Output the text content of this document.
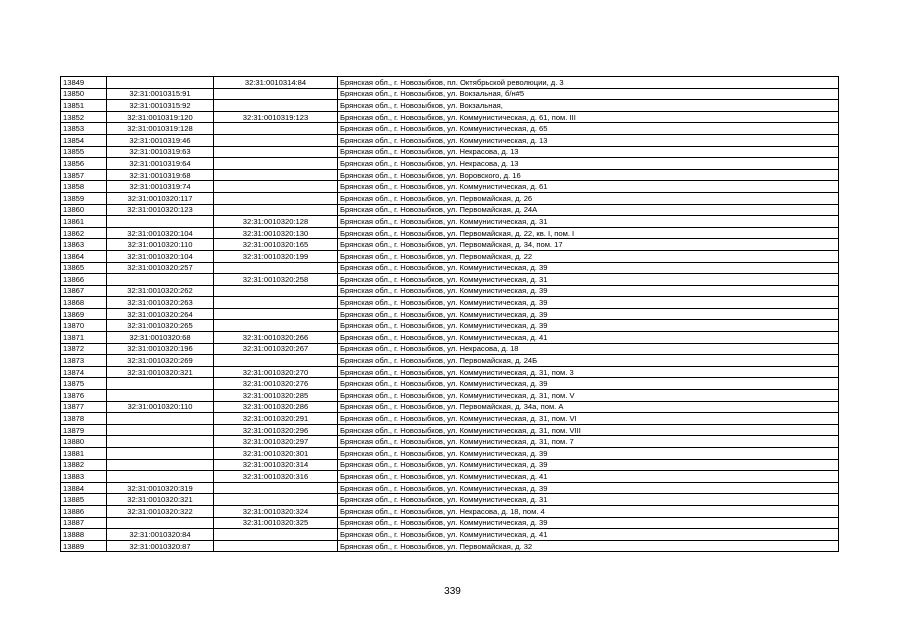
13849		32:31:0010314:84	Брянская обл., г. Новозыбков, пл. Октябрьской революции, д. 3
13850	32:31:0010315:91		Брянская обл., г. Новозыбков, ул. Вокзальная, б/н#5
13851	32:31:0010315:92		Брянская обл., г. Новозыбков, ул. Вокзальная,
13852	32:31:0010319:120	32:31:0010319:123	Брянская обл., г. Новозыбков, ул. Коммунистическая, д. 61, пом. III
13853	32:31:0010319:128		Брянская обл., г. Новозыбков, ул. Коммунистическая, д. 65
13854	32:31:0010319:46		Брянская обл., г. Новозыбков, ул. Коммунистическая, д. 13
13855	32:31:0010319:63		Брянская обл., г. Новозыбков, ул. Некрасова, д. 13
13856	32:31:0010319:64		Брянская обл., г. Новозыбков, ул. Некрасова, д. 13
13857	32:31:0010319:68		Брянская обл., г. Новозыбков, ул. Воровского, д. 16
13858	32:31:0010319:74		Брянская обл., г. Новозыбков, ул. Коммунистическая, д. 61
13859	32:31:0010320:117		Брянская обл., г. Новозыбков, ул. Первомайская, д. 26
13860	32:31:0010320:123		Брянская обл., г. Новозыбков, ул. Первомайская, д. 24А
13861		32:31:0010320:128	Брянская обл., г. Новозыбков, ул. Коммунистическая, д. 31
13862	32:31:0010320:104	32:31:0010320:130	Брянская обл., г. Новозыбков, ул. Первомайская, д. 22, кв. I, пом. I
13863	32:31:0010320:110	32:31:0010320:165	Брянская обл., г. Новозыбков, ул. Первомайская, д. 34, пом. 17
13864	32:31:0010320:104	32:31:0010320:199	Брянская обл., г. Новозыбков, ул. Первомайская, д. 22
13865	32:31:0010320:257		Брянская обл., г. Новозыбков, ул. Коммунистическая, д. 39
13866		32:31:0010320:258	Брянская обл., г. Новозыбков, ул. Коммунистическая, д. 31
13867	32:31:0010320:262		Брянская обл., г. Новозыбков, ул. Коммунистическая, д. 39
13868	32:31:0010320:263		Брянская обл., г. Новозыбков, ул. Коммунистическая, д. 39
13869	32:31:0010320:264		Брянская обл., г. Новозыбков, ул. Коммунистическая, д. 39
13870	32:31:0010320:265		Брянская обл., г. Новозыбков, ул. Коммунистическая, д. 39
13871	32:31:0010320:68	32:31:0010320:266	Брянская обл., г. Новозыбков, ул. Коммунистическая, д. 41
13872	32:31:0010320:196	32:31:0010320:267	Брянская обл., г. Новозыбков, ул. Некрасова, д. 18
13873	32:31:0010320:269		Брянская обл., г. Новозыбков, ул. Первомайская, д. 24Б
13874	32:31:0010320:321	32:31:0010320:270	Брянская обл., г. Новозыбков, ул. Коммунистическая, д. 31, пом. 3
13875		32:31:0010320:276	Брянская обл., г. Новозыбков, ул. Коммунистическая, д. 39
13876		32:31:0010320:285	Брянская обл., г. Новозыбков, ул. Коммунистическая, д. 31, пом. V
13877	32:31:0010320:110	32:31:0010320:286	Брянская обл., г. Новозыбков, ул. Первомайская, д. 34а, пом. А
13878		32:31:0010320:291	Брянская обл., г. Новозыбков, ул. Коммунистическая, д. 31, пом. VI
13879		32:31:0010320:296	Брянская обл., г. Новозыбков, ул. Коммунистическая, д. 31, пом. VIII
13880		32:31:0010320:297	Брянская обл., г. Новозыбков, ул. Коммунистическая, д. 31, пом. 7
13881		32:31:0010320:301	Брянская обл., г. Новозыбков, ул. Коммунистическая, д. 39
13882		32:31:0010320:314	Брянская обл., г. Новозыбков, ул. Коммунистическая, д. 39
13883		32:31:0010320:316	Брянская обл., г. Новозыбков, ул. Коммунистическая, д. 41
13884	32:31:0010320:319		Брянская обл., г. Новозыбков, ул. Коммунистическая, д. 39
13885	32:31:0010320:321		Брянская обл., г. Новозыбков, ул. Коммунистическая, д. 31
13886	32:31:0010320:322	32:31:0010320:324	Брянская обл., г. Новозыбков, ул. Некрасова, д. 18, пом. 4
13887		32:31:0010320:325	Брянская обл., г. Новозыбков, ул. Коммунистическая, д. 39
13888	32:31:0010320:84		Брянская обл., г. Новозыбков, ул. Коммунистическая, д. 41
13889	32:31:0010320:87		Брянская обл., г. Новозыбков, ул. Первомайская, д. 32
339
